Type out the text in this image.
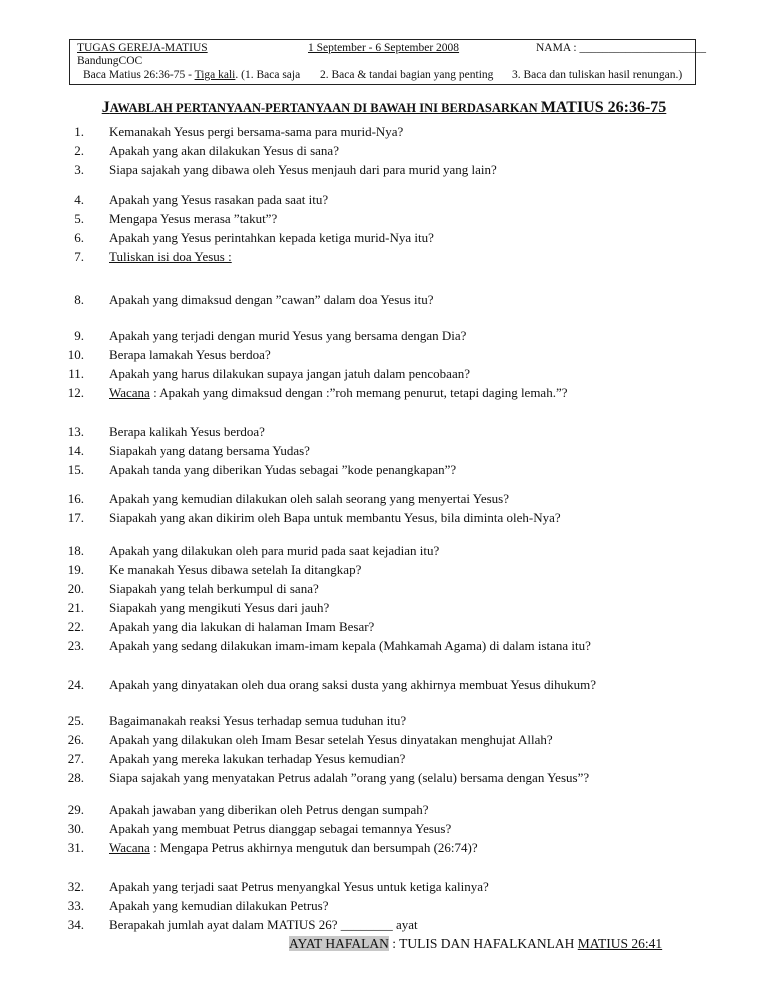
TUGAS GEREJA-MATIUS	1 September - 6 September 2008	NAMA : ______________________
BandungCOC
Baca Matius 26:36-75 - Tiga kali. (1. Baca saja 2. Baca & tandai bagian yang penting 3. Baca dan tuliskan hasil renungan.)
JAWABLAH PERTANYAAN-PERTANYAAN DI BAWAH INI BERDASARKAN MATIUS 26:36-75
1. Kemanakah Yesus pergi bersama-sama para murid-Nya?
2. Apakah yang akan dilakukan Yesus di sana?
3. Siapa sajakah yang dibawa oleh Yesus menjauh dari para murid yang lain?
4. Apakah yang Yesus rasakan pada saat itu?
5. Mengapa Yesus merasa ”takut”?
6. Apakah yang Yesus perintahkan kepada ketiga murid-Nya itu?
7. Tuliskan isi doa Yesus :
8. Apakah yang dimaksud dengan ”cawan” dalam doa Yesus itu?
9. Apakah yang terjadi dengan murid Yesus yang bersama dengan Dia?
10. Berapa lamakah Yesus berdoa?
11. Apakah yang harus dilakukan supaya jangan jatuh dalam pencobaan?
12. Wacana : Apakah yang dimaksud dengan :”roh memang penurut, tetapi daging lemah.”?
13. Berapa kalikah Yesus berdoa?
14. Siapakah yang datang bersama Yudas?
15. Apakah tanda yang diberikan Yudas sebagai ”kode penangkapan”?
16. Apakah yang kemudian dilakukan oleh salah seorang yang menyertai Yesus?
17. Siapakah yang akan dikirim oleh Bapa untuk membantu Yesus, bila diminta oleh-Nya?
18. Apakah yang dilakukan oleh para murid pada saat kejadian itu?
19. Ke manakah Yesus dibawa setelah Ia ditangkap?
20. Siapakah yang telah berkumpul di sana?
21. Siapakah yang mengikuti Yesus dari jauh?
22. Apakah yang dia lakukan di halaman Imam Besar?
23. Apakah yang sedang dilakukan imam-imam kepala (Mahkamah Agama) di dalam istana itu?
24. Apakah yang dinyatakan oleh dua orang saksi dusta yang akhirnya membuat Yesus dihukum?
25. Bagaimanakah reaksi Yesus terhadap semua tuduhan itu?
26. Apakah yang dilakukan oleh Imam Besar setelah Yesus dinyatakan menghujat Allah?
27. Apakah yang mereka lakukan terhadap Yesus kemudian?
28. Siapa sajakah yang menyatakan Petrus adalah ”orang yang (selalu) bersama dengan Yesus”?
29. Apakah jawaban yang diberikan oleh Petrus dengan sumpah?
30. Apakah yang membuat Petrus dianggap sebagai temannya Yesus?
31. Wacana : Mengapa Petrus akhirnya mengutuk dan bersumpah (26:74)?
32. Apakah yang terjadi saat Petrus menyangkal Yesus untuk ketiga kalinya?
33. Apakah yang kemudian dilakukan Petrus?
34. Berapakah jumlah ayat dalam MATIUS 26? ________ ayat
AYAT HAFALAN : TULIS DAN HAFALKANLAH MATIUS 26:41
